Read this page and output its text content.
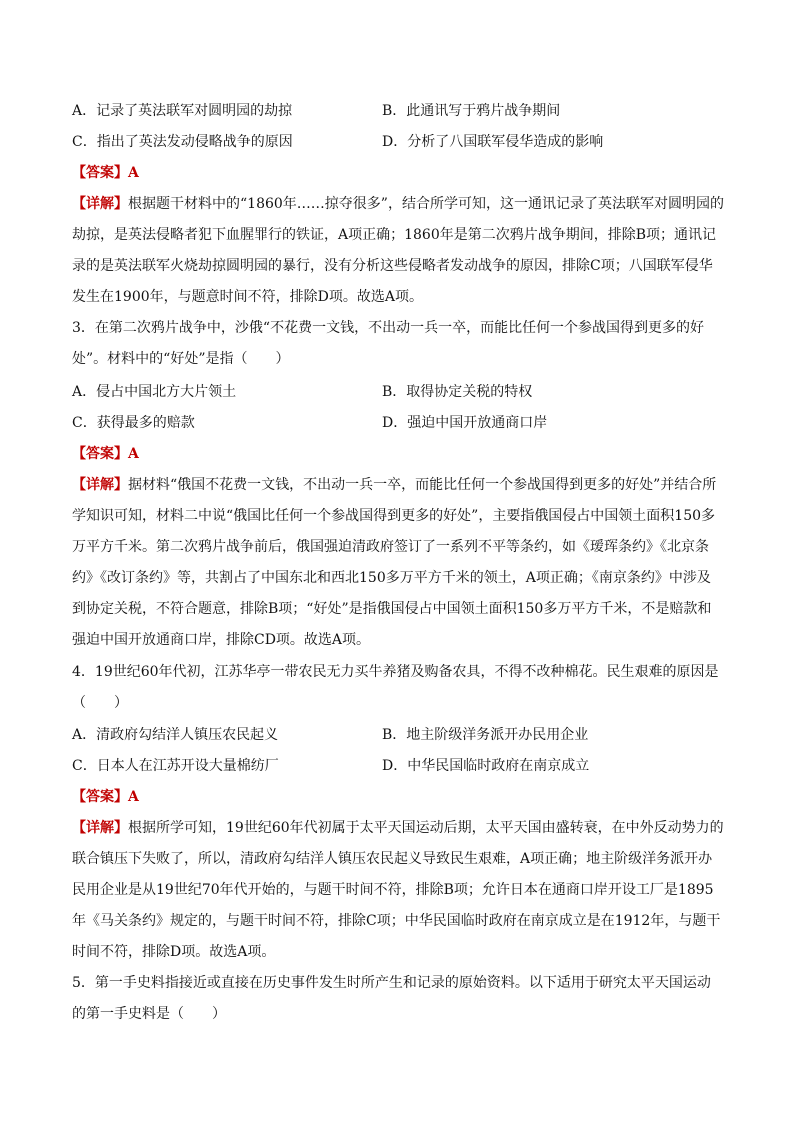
A．记录了英法联军对圆明园的劫掠	B．此通讯写于鸦片战争期间
C．指出了英法发动侵略战争的原因	D．分析了八国联军侵华造成的影响
【答案】A
【详解】根据题干材料中的“1860年……掠夺很多”，结合所学可知，这一通讯记录了英法联军对圆明园的劫掠，是英法侵略者犯下血腥罪行的铁证，A项正确；1860年是第二次鸦片战争期间，排除B项；通讯记录的是英法联军火烧劫掠圆明园的暴行，没有分析这些侵略者发动战争的原因，排除C项；八国联军侵华发生在1900年，与题意时间不符，排除D项。故选A项。
3．在第二次鸦片战争中，沙俄“不花费一文钱，不出动一兵一卒，而能比任何一个参战国得到更多的好处”。材料中的“好处”是指（　　）
A．侵占中国北方大片领土	B．取得协定关税的特权
C．获得最多的赔款	D．强迫中国开放通商口岸
【答案】A
【详解】据材料“俄国不花费一文钱，不出动一兵一卒，而能比任何一个参战国得到更多的好处”并结合所学知识可知，材料二中说“俄国比任何一个参战国得到更多的好处”，主要指俄国侵占中国领土面积150多万平方千米。第二次鸦片战争前后，俄国强迫清政府签订了一系列不平等条约，如《瑷珲条约》《北京条约》《改订条约》等，共割占了中国东北和西北150多万平方千米的领土，A项正确；《南京条约》中涉及到协定关税，不符合题意，排除B项；“好处”是指俄国侵占中国领土面积150多万平方千米，不是赔款和强迫中国开放通商口岸，排除CD项。故选A项。
4．19世纪60年代初，江苏华亭一带农民无力买牛养猪及购备农具，不得不改种棉花。民生艰难的原因是（　　）
A．清政府勾结洋人镇压农民起义	B．地主阶级洋务派开办民用企业
C．日本人在江苏开设大量棉纺厂	D．中华民国临时政府在南京成立
【答案】A
【详解】根据所学可知，19世纪60年代初属于太平天国运动后期，太平天国由盛转衰，在中外反动势力的联合镇压下失败了，所以，清政府勾结洋人镇压农民起义导致民生艰难，A项正确；地主阶级洋务派开办民用企业是从19世纪70年代开始的，与题干时间不符，排除B项；允许日本在通商口岸开设工厂是1895年《马关条约》规定的，与题干时间不符，排除C项；中华民国临时政府在南京成立是在1912年，与题干时间不符，排除D项。故选A项。
5．第一手史料指接近或直接在历史事件发生时所产生和记录的原始资料。以下适用于研究太平天国运动的第一手史料是（　　）
